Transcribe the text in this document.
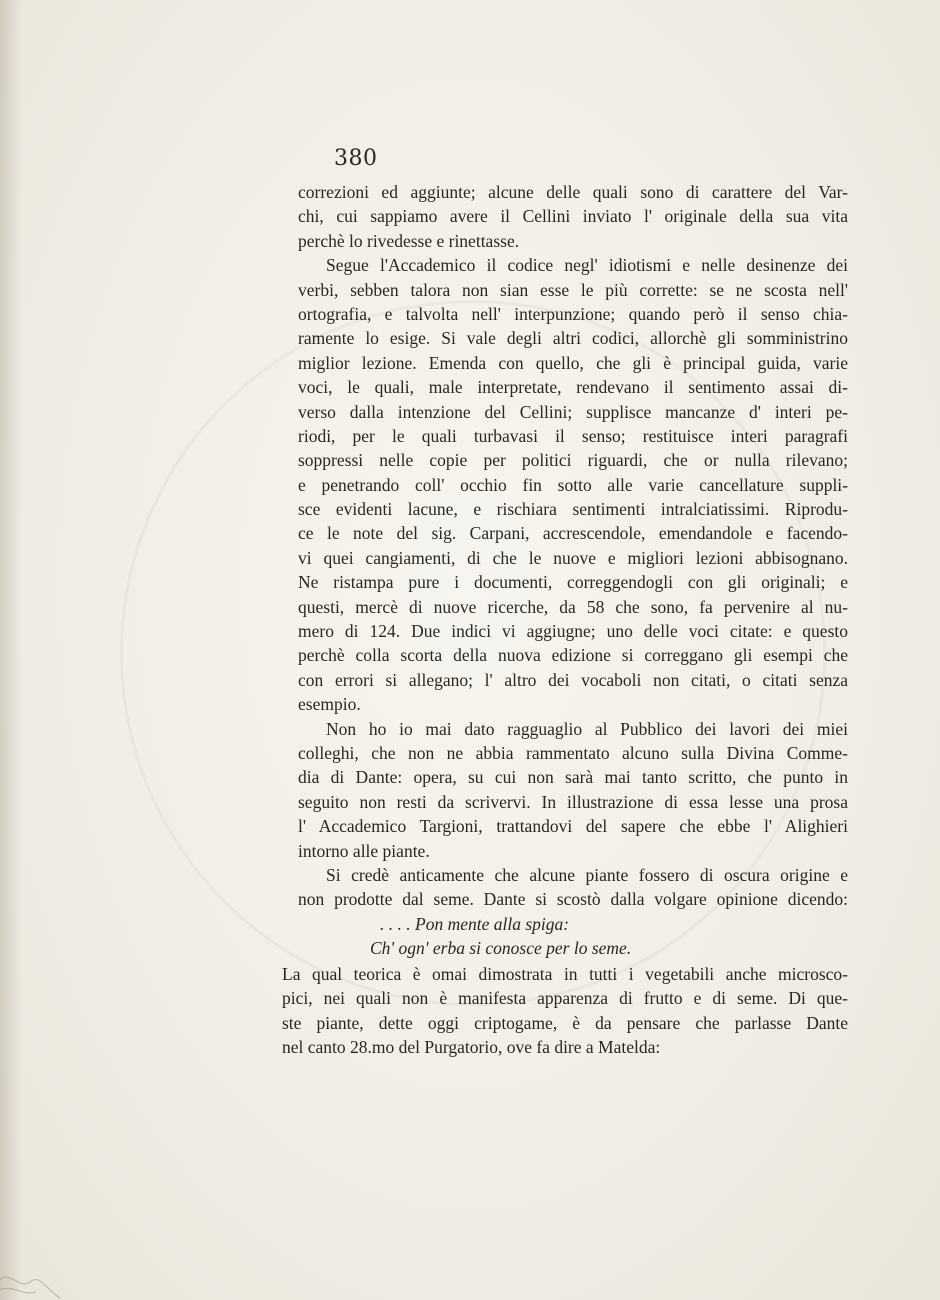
380
correzioni ed aggiunte; alcune delle quali sono di carattere del Var-
chi, cui sappiamo avere il Cellini inviato l' originale della sua vita
perchè lo rivedesse e rinettasse.
Segue l'Accademico il codice negl' idiotismi e nelle desinenze dei
verbi, sebben talora non sian esse le più corrette: se ne scosta nell'
ortografia, e talvolta nell' interpunzione; quando però il senso chia-
ramente lo esige. Si vale degli altri codici, allorchè gli somministrino
miglior lezione. Emenda con quello, che gli è principal guida, varie
voci, le quali, male interpretate, rendevano il sentimento assai di-
verso dalla intenzione del Cellini; supplisce mancanze d' interi pe-
riodi, per le quali turbavasi il senso; restituisce interi paragrafi
soppressi nelle copie per politici riguardi, che or nulla rilevano;
e penetrando coll' occhio fin sotto alle varie cancellature suppli-
sce evidenti lacune, e rischiara sentimenti intralciatissimi. Riprodu-
ce le note del sig. Carpani, accrescendole, emendandole e facendo-
vi quei cangiamenti, di che le nuove e migliori lezioni abbisognano.
Ne ristampa pure i documenti, correggendogli con gli originali; e
questi, mercè di nuove ricerche, da 58 che sono, fa pervenire al nu-
mero di 124. Due indici vi aggiugne; uno delle voci citate: e questo
perchè colla scorta della nuova edizione si correggano gli esempi che
con errori si allegano; l' altro dei vocaboli non citati, o citati senza
esempio.
Non ho io mai dato ragguaglio al Pubblico dei lavori dei miei
colleghi, che non ne abbia rammentato alcuno sulla Divina Comme-
dia di Dante: opera, su cui non sarà mai tanto scritto, che punto in
seguito non resti da scrivervi. In illustrazione di essa lesse una prosa
l' Accademico Targioni, trattandovi del sapere che ebbe l' Alighieri
intorno alle piante.
Si credè anticamente che alcune piante fossero di oscura origine e
non prodotte dal seme. Dante si scostò dalla volgare opinione dicendo:
. . . . Pon mente alla spiga:
Ch' ogn' erba si conosce per lo seme.
La qual teorica è omai dimostrata in tutti i vegetabili anche microsco-
pici, nei quali non è manifesta apparenza di frutto e di seme. Di que-
ste piante, dette oggi criptogame, è da pensare che parlasse Dante
nel canto 28.mo del Purgatorio, ove fa dire a Matelda:
